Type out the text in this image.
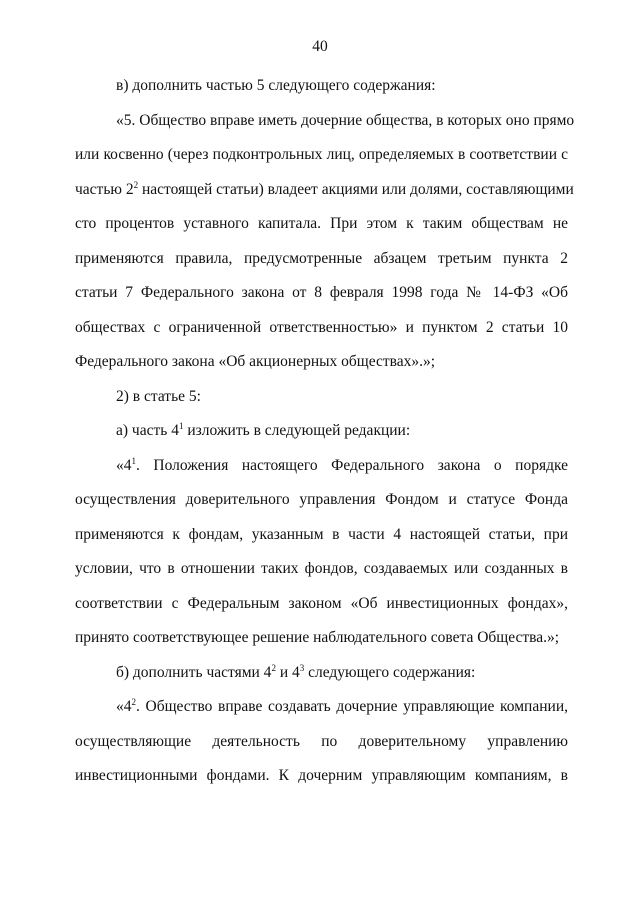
40
в) дополнить частью 5 следующего содержания:
«5. Общество вправе иметь дочерние общества, в которых оно прямо
или косвенно (через подконтрольных лиц, определяемых в соответствии с
частью $2^2$ настоящей статьи) владеет акциями или долями, составляющими
сто процентов уставного капитала. При этом к таким обществам не
применяются правила, предусмотренные абзацем третьим пункта 2
статьи 7 Федерального закона от 8 февраля 1998 года № 14-ФЗ «Об
обществах с ограниченной ответственностью» и пунктом 2 статьи 10
Федерального закона «Об акционерных обществах».»;
2) в статье 5:
а) часть $4^1$ изложить в следующей редакции:
«$4^1$. Положения настоящего Федерального закона о порядке
осуществления доверительного управления Фондом и статусе Фонда
применяются к фондам, указанным в части 4 настоящей статьи, при
условии, что в отношении таких фондов, создаваемых или созданных в
соответствии с Федеральным законом «Об инвестиционных фондах»,
принято соответствующее решение наблюдательного совета Общества.»;
б) дополнить частями $4^2$ и $4^3$ следующего содержания:
«$4^2$. Общество вправе создавать дочерние управляющие компании,
осуществляющие деятельность по доверительному управлению
инвестиционными фондами. К дочерним управляющим компаниям, в
